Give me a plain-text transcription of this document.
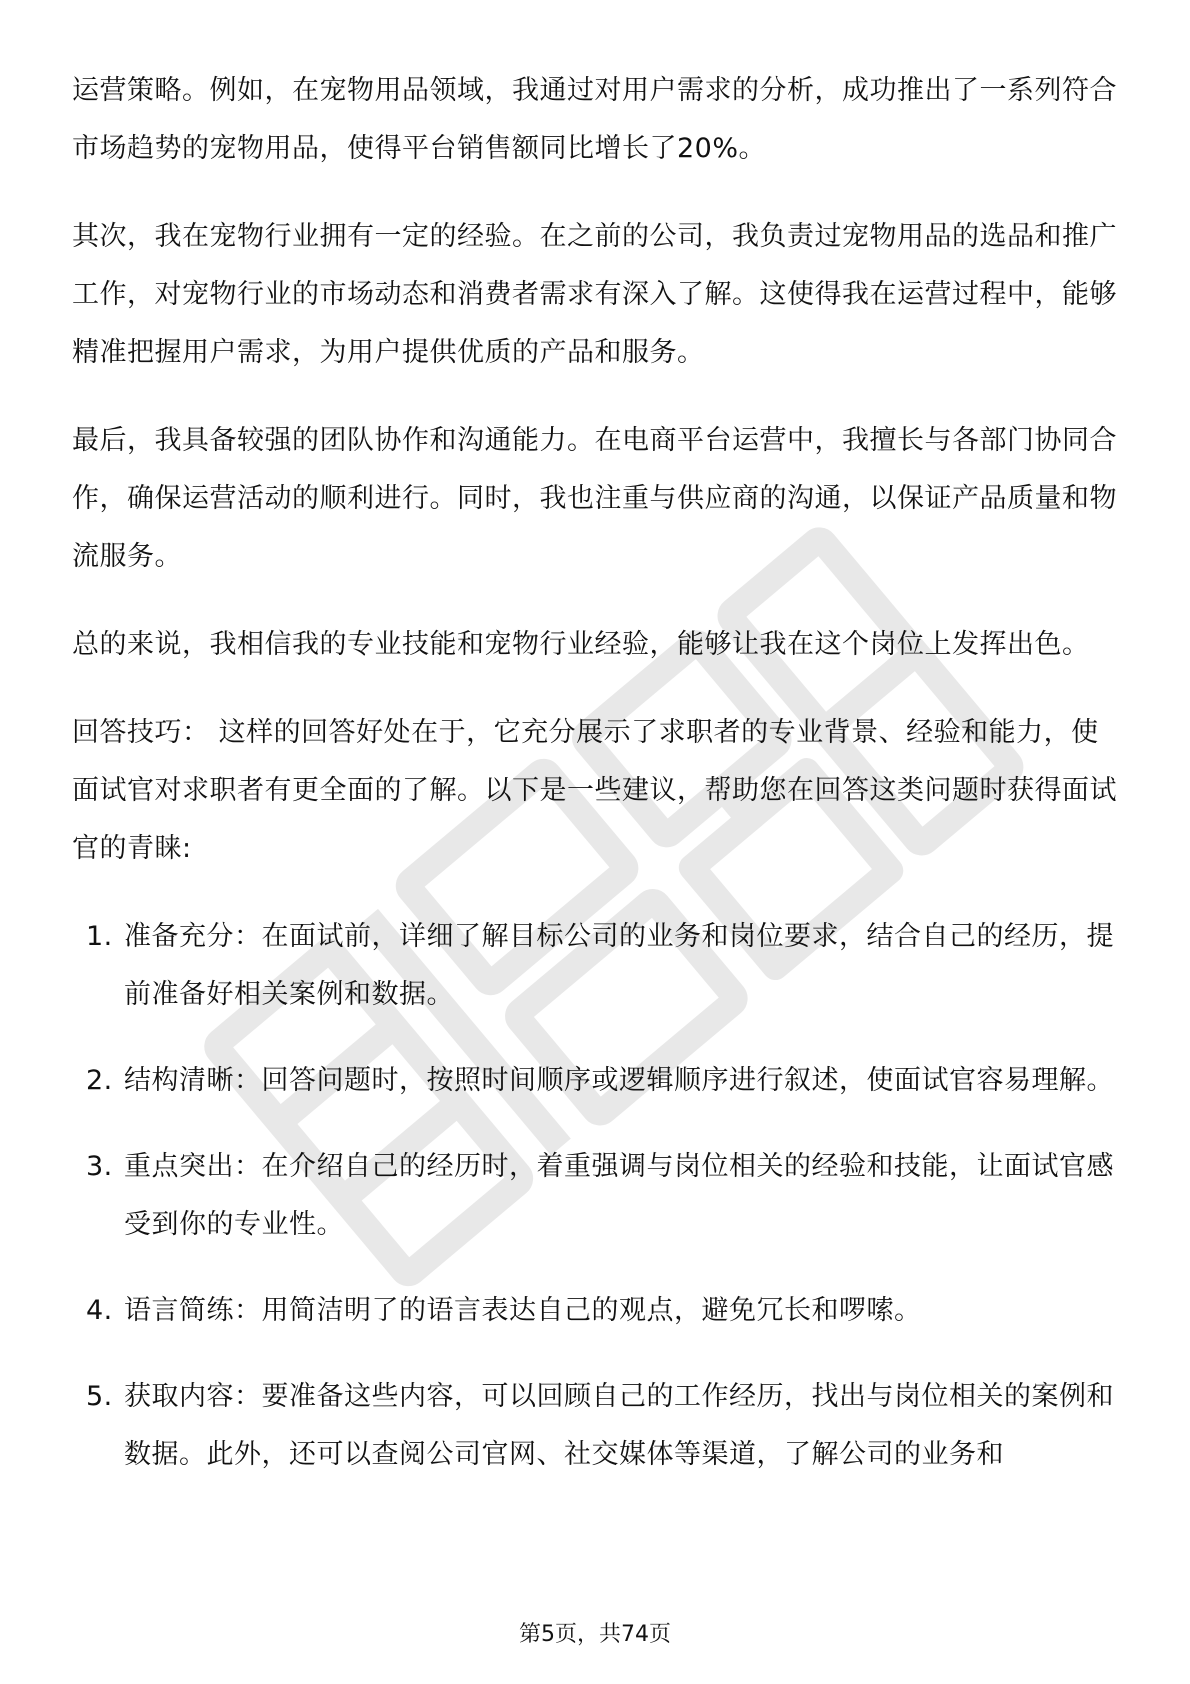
运营策略。例如，在宠物用品领域，我通过对用户需求的分析，成功推出了一系列符合市场趋势的宠物用品，使得平台销售额同比增长了20%。

其次，我在宠物行业拥有一定的经验。在之前的公司，我负责过宠物用品的选品和推广工作，对宠物行业的市场动态和消费者需求有深入了解。这使得我在运营过程中，能够精准把握用户需求，为用户提供优质的产品和服务。

最后，我具备较强的团队协作和沟通能力。在电商平台运营中，我擅长与各部门协同合作，确保运营活动的顺利进行。同时，我也注重与供应商的沟通，以保证产品质量和物流服务。

总的来说，我相信我的专业技能和宠物行业经验，能够让我在这个岗位上发挥出色。

回答技巧： 这样的回答好处在于，它充分展示了求职者的专业背景、经验和能力，使面试官对求职者有更全面的了解。以下是一些建议，帮助您在回答这类问题时获得面试官的青睐:

1. 准备充分：在面试前，详细了解目标公司的业务和岗位要求，结合自己的经历，提前准备好相关案例和数据。
2. 结构清晰：回答问题时，按照时间顺序或逻辑顺序进行叙述，使面试官容易理解。
3. 重点突出：在介绍自己的经历时，着重强调与岗位相关的经验和技能，让面试官感受到你的专业性。
4. 语言简练：用简洁明了的语言表达自己的观点，避免冗长和啰嗦。
5. 获取内容：要准备这些内容，可以回顾自己的工作经历，找出与岗位相关的案例和数据。此外，还可以查阅公司官网、社交媒体等渠道，了解公司的业务和
第5页，共74页
